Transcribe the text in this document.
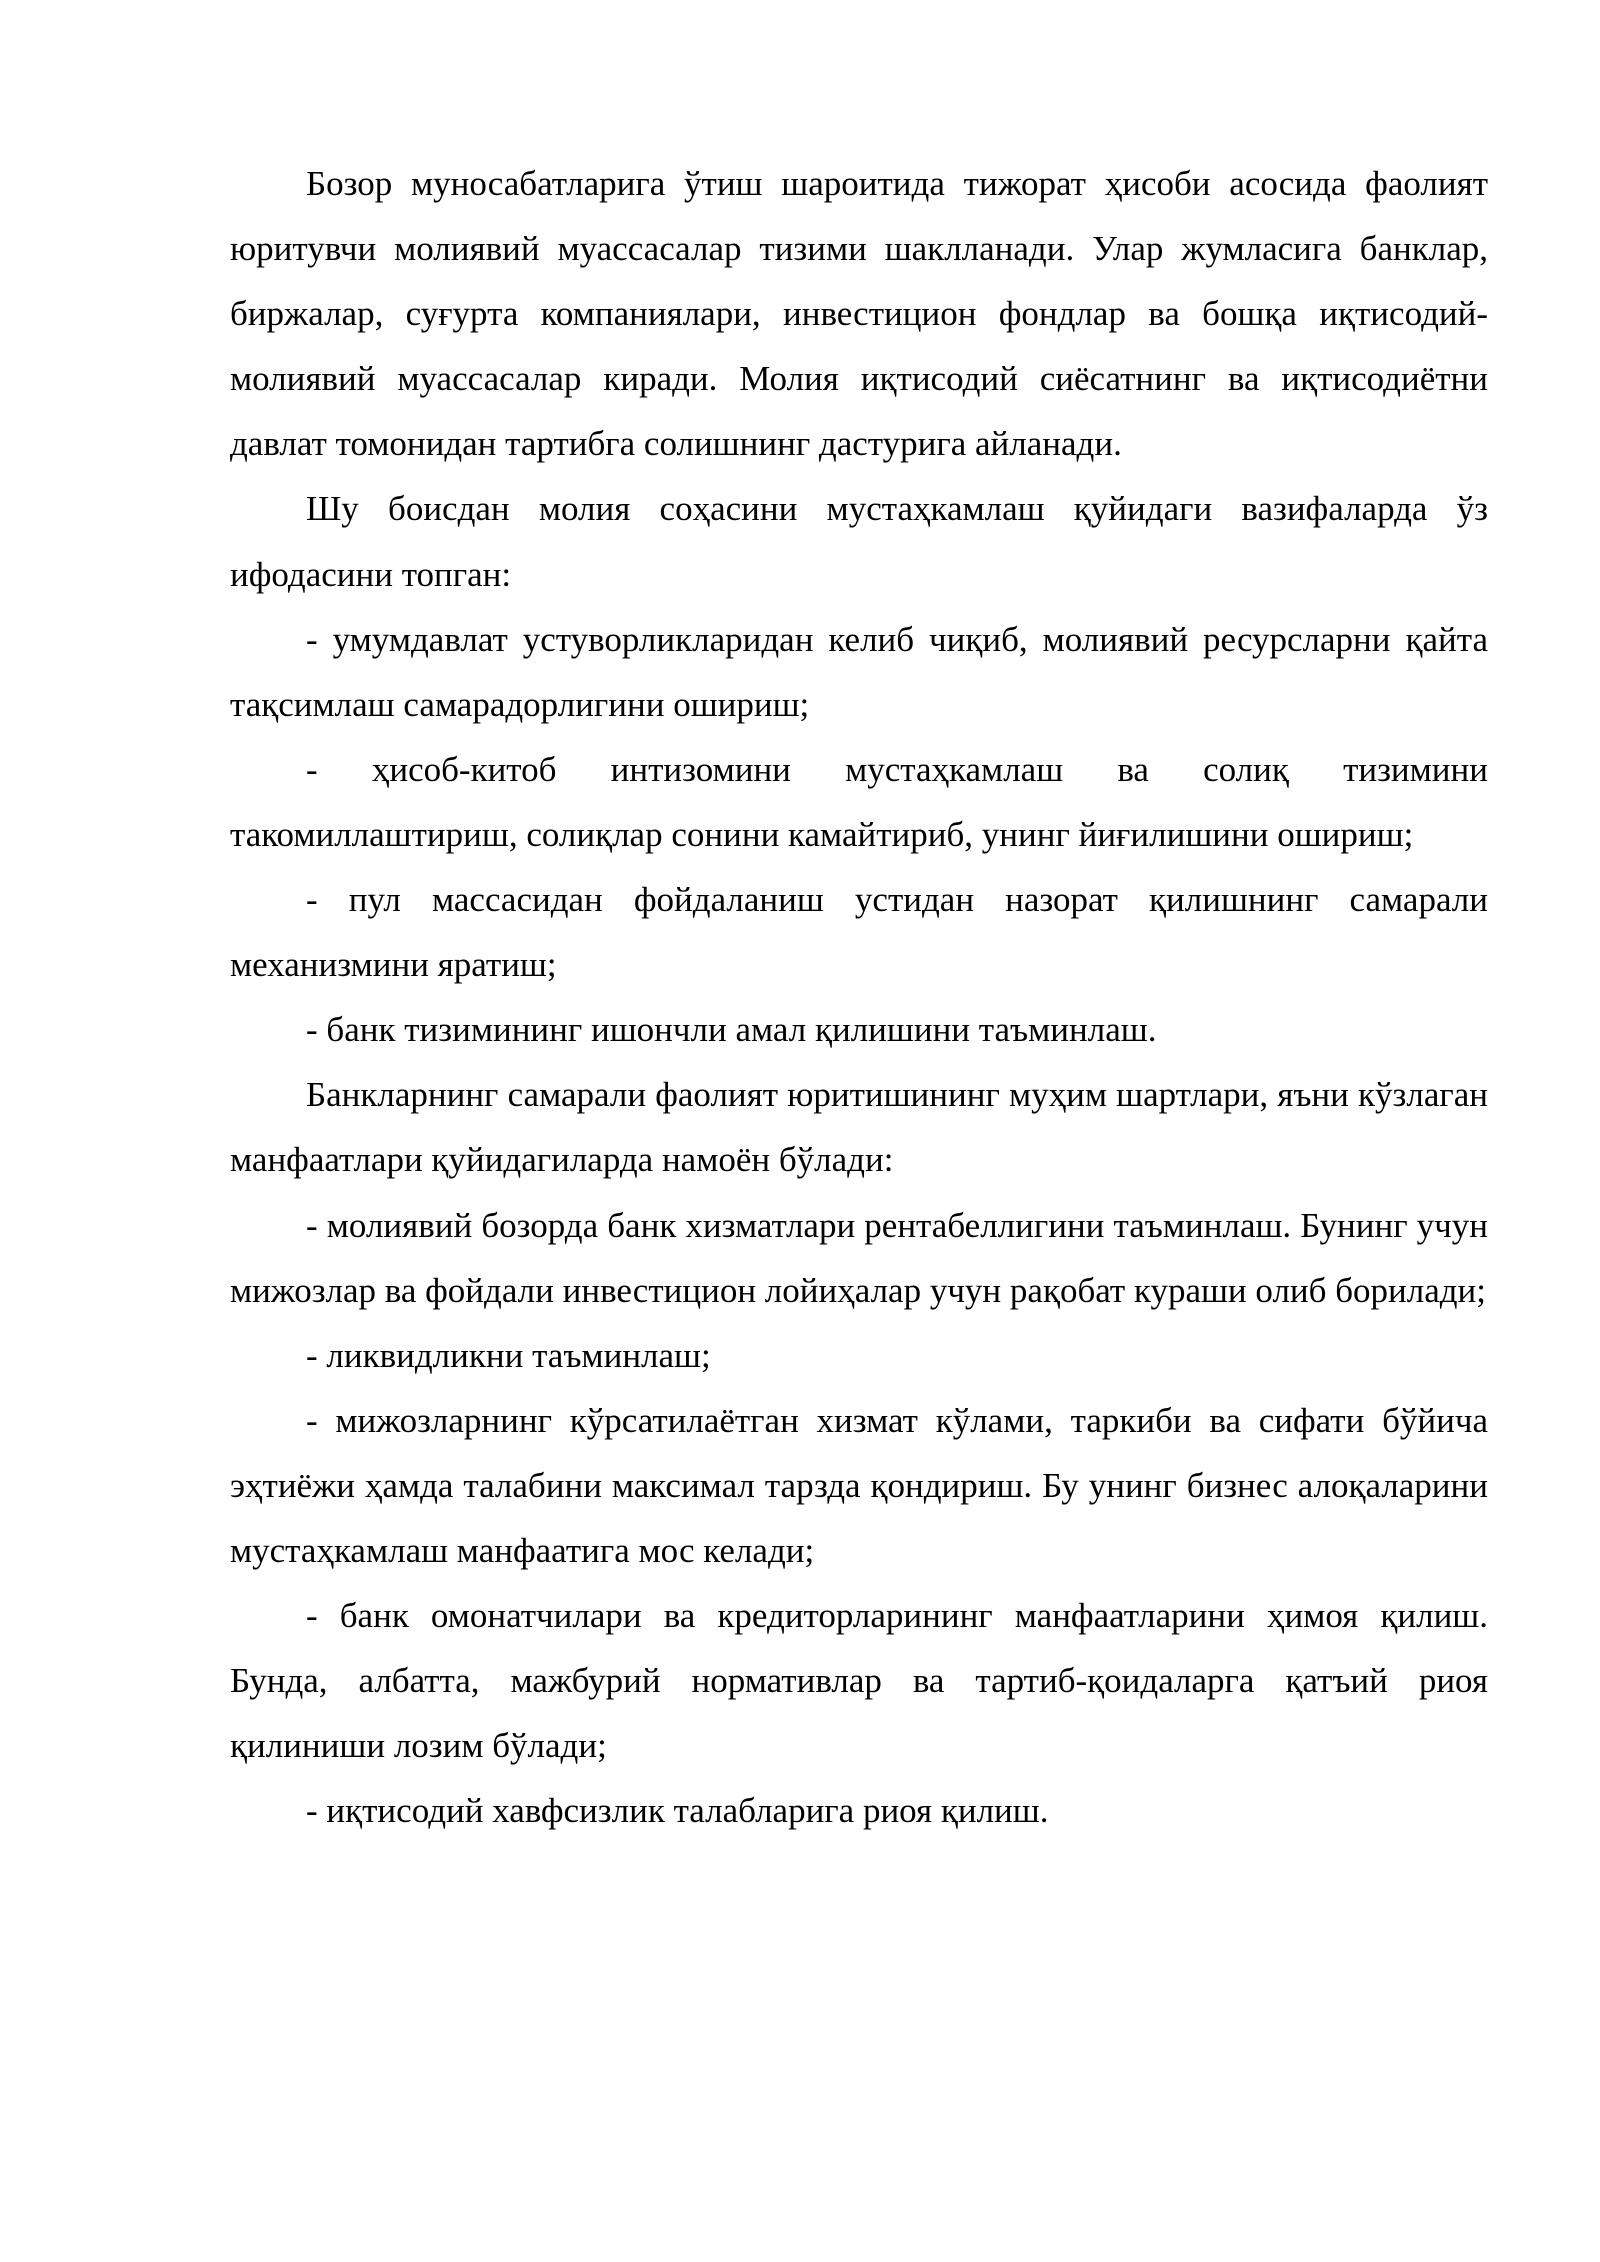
Бозор муносабатларига ўтиш шароитида тижорат ҳисоби асосида фаолият юритувчи молиявий муассасалар тизими шаклланади. Улар жумласига банклар, биржалар, суғурта компаниялари, инвестицион фондлар ва бошқа иқтисодий-молиявий муассасалар киради. Молия иқтисодий сиёсатнинг ва иқтисодиётни давлат томонидан тартибга солишнинг дастурига айланади.

Шу боисдан молия соҳасини мустаҳкамлаш қуйидаги вазифаларда ўз ифодасини топган:

- умумдавлат устуворликларидан келиб чиқиб, молиявий ресурсларни қайта тақсимлаш самарадорлигини ошириш;

- ҳисоб-китоб интизомини мустаҳкамлаш ва солиқ тизимини такомиллаштириш, солиқлар сонини камайтириб, унинг йиғилишини ошириш;

- пул массасидан фойдаланиш устидан назорат қилишнинг самарали механизмини яратиш;

- банк тизимининг ишончли амал қилишини таъминлаш.

Банкларнинг самарали фаолият юритишининг муҳим шартлари, яъни кўзлаган манфаатлари қуйидагиларда намоён бўлади:

- молиявий бозорда банк хизматлари рентабеллигини таъминлаш. Бунинг учун мижозлар ва фойдали инвестицион лойиҳалар учун рақобат кураши олиб борилади;

- ликвидликни таъминлаш;

- мижозларнинг кўрсатилаётган хизмат кўлами, таркиби ва сифати бўйича эҳтиёжи ҳамда талабини максимал тарзда қондириш. Бу унинг бизнес алоқаларини мустаҳкамлаш манфаатига мос келади;

- банк омонатчилари ва кредиторларининг манфаатларини ҳимоя қилиш. Бунда, албатта, мажбурий нормативлар ва тартиб-қоидаларга қатъий риоя қилиниши лозим бўлади;

- иқтисодий хавфсизлик талабларига риоя қилиш.
